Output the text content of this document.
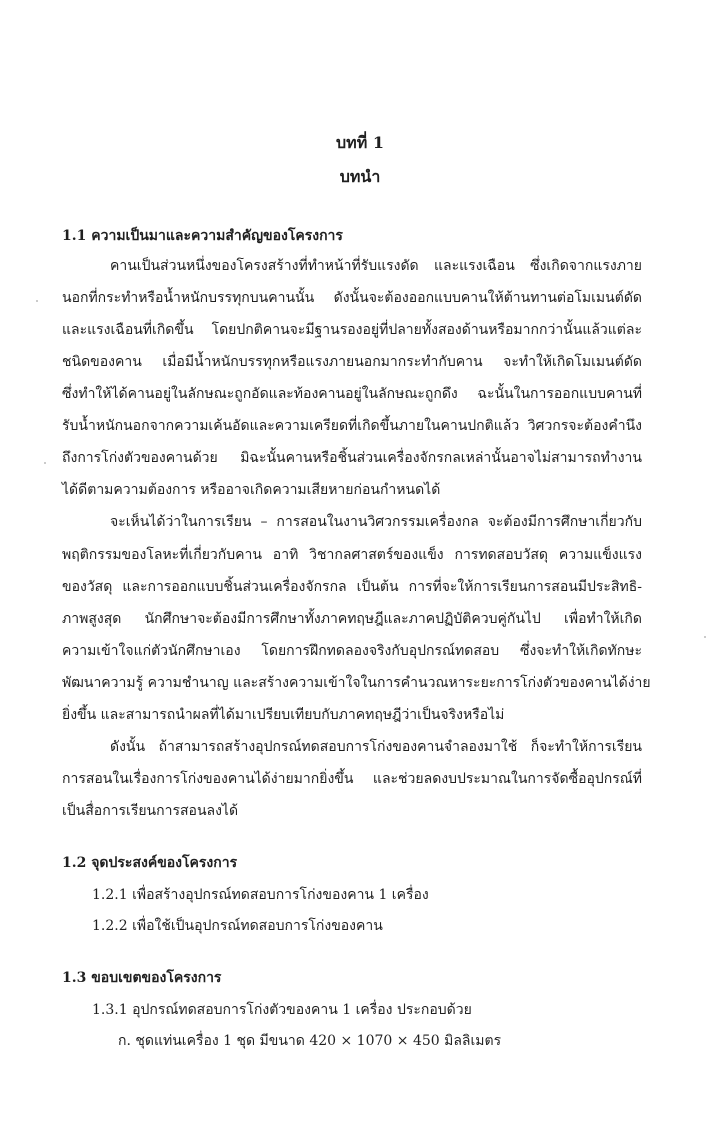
บทที่ 1
บทนำ
1.1 ความเป็นมาและความสำคัญของโครงการ
คานเป็นส่วนหนึ่งของโครงสร้างที่ทำหน้าที่รับแรงดัด และแรงเฉือน ซึ่งเกิดจากแรงภาย
นอกที่กระทำหรือน้ำหนักบรรทุกบนคานนั้น ดังนั้นจะต้องออกแบบคานให้ต้านทานต่อโมเมนต์ดัด
และแรงเฉือนที่เกิดขึ้น โดยปกติคานจะมีฐานรองอยู่ที่ปลายทั้งสองด้านหรือมากกว่านั้นแล้วแต่ละ
ชนิดของคาน เมื่อมีน้ำหนักบรรทุกหรือแรงภายนอกมากระทำกับคาน จะทำให้เกิดโมเมนต์ดัด
ซึ่งทำให้ได้คานอยู่ในลักษณะถูกอัดและท้องคานอยู่ในลักษณะถูกดึง ฉะนั้นในการออกแบบคานที่
รับน้ำหนักนอกจากความเค้นอัดและความเครียดที่เกิดขึ้นภายในคานปกติแล้ว วิศวกรจะต้องคำนึง
ถึงการโก่งตัวของคานด้วย มิฉะนั้นคานหรือชิ้นส่วนเครื่องจักรกลเหล่านั้นอาจไม่สามารถทำงาน
ได้ดีตามความต้องการ หรืออาจเกิดความเสียหายก่อนกำหนดได้
จะเห็นได้ว่าในการเรียน – การสอนในงานวิศวกรรมเครื่องกล จะต้องมีการศึกษาเกี่ยวกับ
พฤติกรรมของโลหะที่เกี่ยวกับคาน อาทิ วิชากลศาสตร์ของแข็ง การทดสอบวัสดุ ความแข็งแรง
ของวัสดุ และการออกแบบชิ้นส่วนเครื่องจักรกล เป็นต้น การที่จะให้การเรียนการสอนมีประสิทธิ-
ภาพสูงสุด นักศึกษาจะต้องมีการศึกษาทั้งภาคทฤษฎีและภาคปฏิบัติควบคู่กันไป เพื่อทำให้เกิด
ความเข้าใจแก่ตัวนักศึกษาเอง โดยการฝึกทดลองจริงกับอุปกรณ์ทดสอบ ซึ่งจะทำให้เกิดทักษะ
พัฒนาความรู้ ความชำนาญ และสร้างความเข้าใจในการคำนวณหาระยะการโก่งตัวของคานได้ง่าย
ยิ่งขึ้น และสามารถนำผลที่ได้มาเปรียบเทียบกับภาคทฤษฎีว่าเป็นจริงหรือไม่
ดังนั้น ถ้าสามารถสร้างอุปกรณ์ทดสอบการโก่งของคานจำลองมาใช้ ก็จะทำให้การเรียน
การสอนในเรื่องการโก่งของคานได้ง่ายมากยิ่งขึ้น และช่วยลดงบประมาณในการจัดซื้ออุปกรณ์ที่
เป็นสื่อการเรียนการสอนลงได้
1.2 จุดประสงค์ของโครงการ
1.2.1 เพื่อสร้างอุปกรณ์ทดสอบการโก่งของคาน 1 เครื่อง
1.2.2 เพื่อใช้เป็นอุปกรณ์ทดสอบการโก่งของคาน
1.3 ขอบเขตของโครงการ
1.3.1 อุปกรณ์ทดสอบการโก่งตัวของคาน 1 เครื่อง ประกอบด้วย
ก. ชุดแท่นเครื่อง 1 ชุด มีขนาด 420 × 1070 × 450 มิลลิเมตร
